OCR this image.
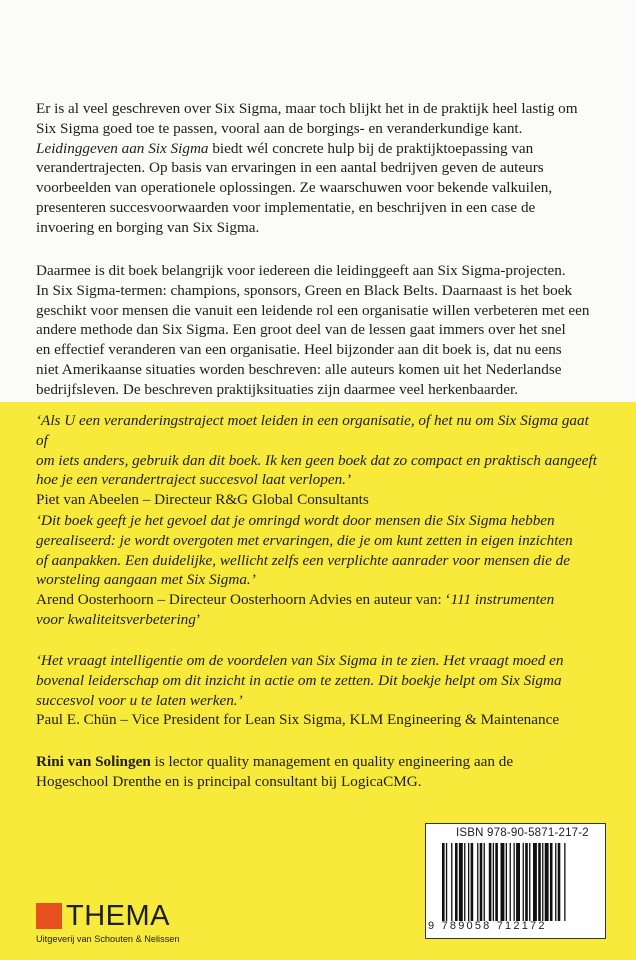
Er is al veel geschreven over Six Sigma, maar toch blijkt het in de praktijk heel lastig om

Six Sigma goed toe te passen, vooral aan de borgings- en veranderkundige kant.

Leidinggeven aan Six Sigma biedt wél concrete hulp bij de praktijktoepassing van

verandertrajecten. Op basis van ervaringen in een aantal bedrijven geven de auteurs

voorbeelden van operationele oplossingen. Ze waarschuwen voor bekende valkuilen,

presenteren succesvoorwaarden voor implementatie, en beschrijven in een case de

invoering en borging van Six Sigma.

Daarmee is dit boek belangrijk voor iedereen die leidinggeeft aan Six Sigma-projecten.

In Six Sigma-termen: champions, sponsors, Green en Black Belts. Daarnaast is het boek

geschikt voor mensen die vanuit een leidende rol een organisatie willen verbeteren met een

andere methode dan Six Sigma. Een groot deel van de lessen gaat immers over het snel

en effectief veranderen van een organisatie. Heel bijzonder aan dit boek is, dat nu eens

niet Amerikaanse situaties worden beschreven: alle auteurs komen uit het Nederlandse

bedrijfsleven. De beschreven praktijksituaties zijn daarmee veel herkenbaarder.

‘Als U een veranderingstraject moet leiden in een organisatie, of het nu om Six Sigma gaat of

om iets anders, gebruik dan dit boek. Ik ken geen boek dat zo compact en praktisch aangeeft

hoe je een verandertraject succesvol laat verlopen.’

Piet van Abeelen – Directeur R&G Global Consultants

‘Dit boek geeft je het gevoel dat je omringd wordt door mensen die Six Sigma hebben

gerealiseerd: je wordt overgoten met ervaringen, die je om kunt zetten in eigen inzichten

of aanpakken. Een duidelijke, wellicht zelfs een verplichte aanrader voor mensen die de

worsteling aangaan met Six Sigma.’

Arend Oosterhoorn – Directeur Oosterhoorn Advies en auteur van: ‘111 instrumenten

voor kwaliteitsverbetering’

‘Het vraagt intelligentie om de voordelen van Six Sigma in te zien. Het vraagt moed en

bovenal leiderschap om dit inzicht in actie om te zetten. Dit boekje helpt om Six Sigma

succesvol voor u te laten werken.’

Paul E. Chün – Vice President for Lean Six Sigma, KLM Engineering & Maintenance

Rini van Solingen is lector quality management en quality engineering aan de

Hogeschool Drenthe en is principal consultant bij LogicaCMG.

ISBN 978-90-5871-217-2
9 789058 712172
THEMA
Uitgeverij van Schouten & Nelissen
